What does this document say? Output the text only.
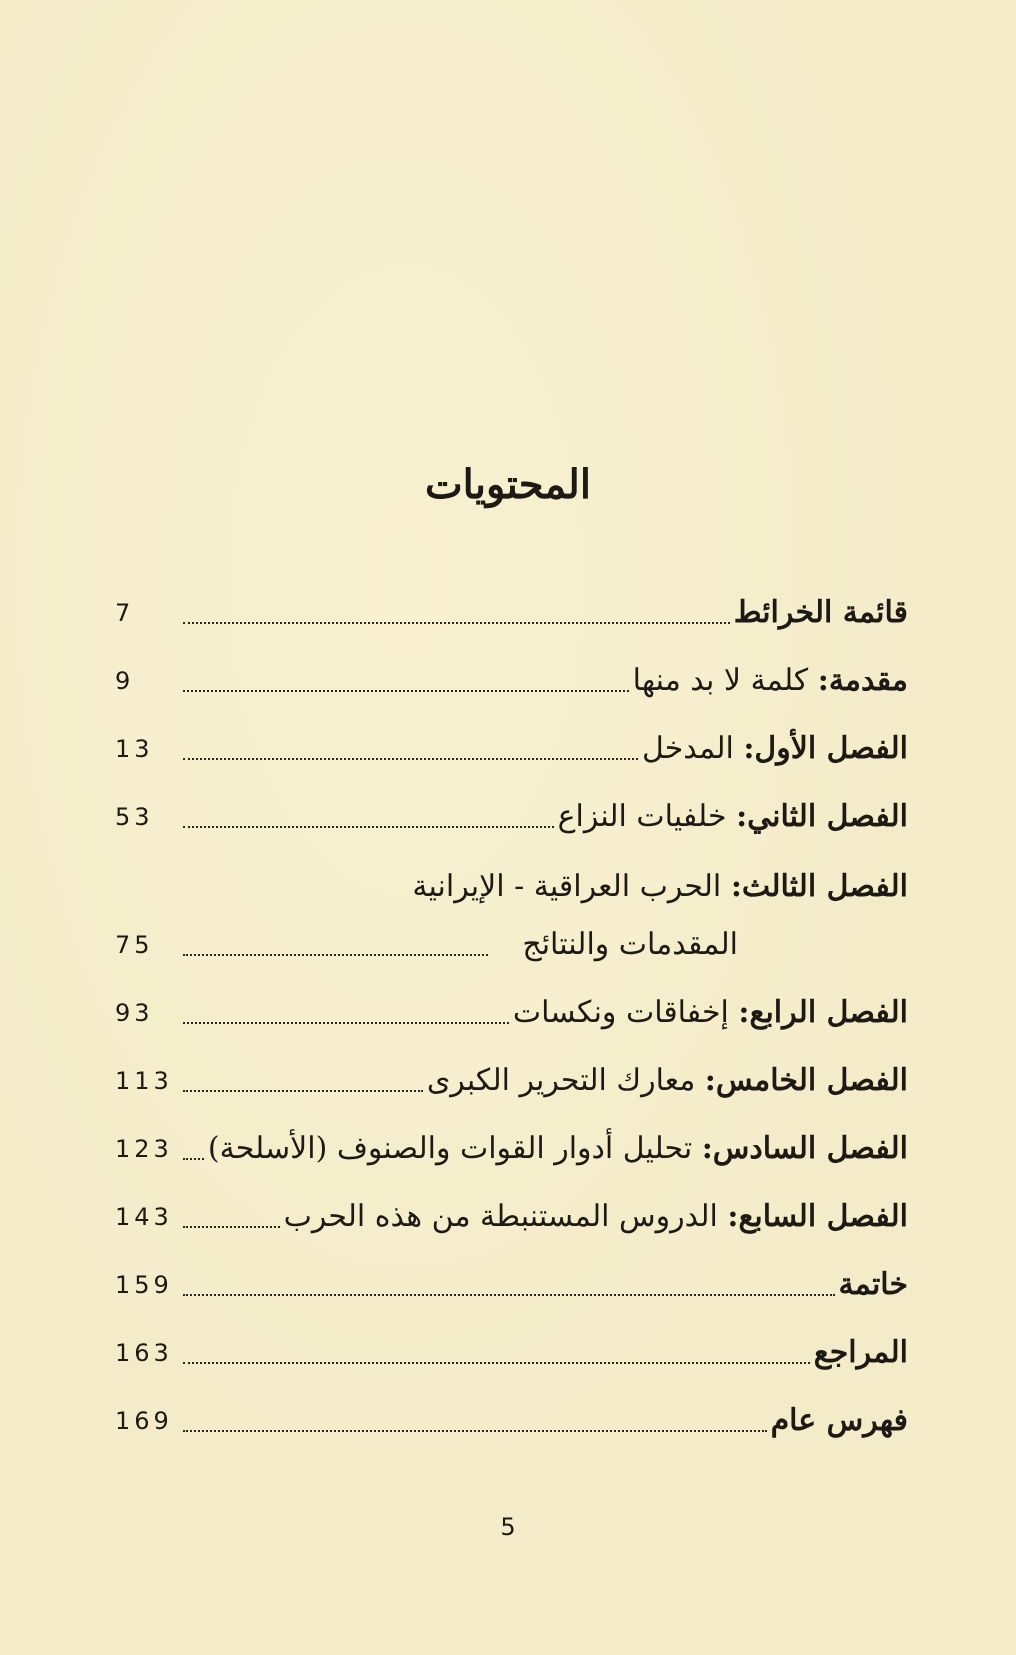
المحتويات
قائمة الخرائط
7
مقدمة: كلمة لا بد منها
9
الفصل الأول: المدخل
13
الفصل الثاني: خلفيات النزاع
53
الفصل الثالث: الحرب العراقية - الإيرانية
المقدمات والنتائج
75
الفصل الرابع: إخفاقات ونكسات
93
الفصل الخامس: معارك التحرير الكبرى
113
الفصل السادس: تحليل أدوار القوات والصنوف (الأسلحة)
123
الفصل السابع: الدروس المستنبطة من هذه الحرب
143
خاتمة
159
المراجع
163
فهرس عام
169
5
